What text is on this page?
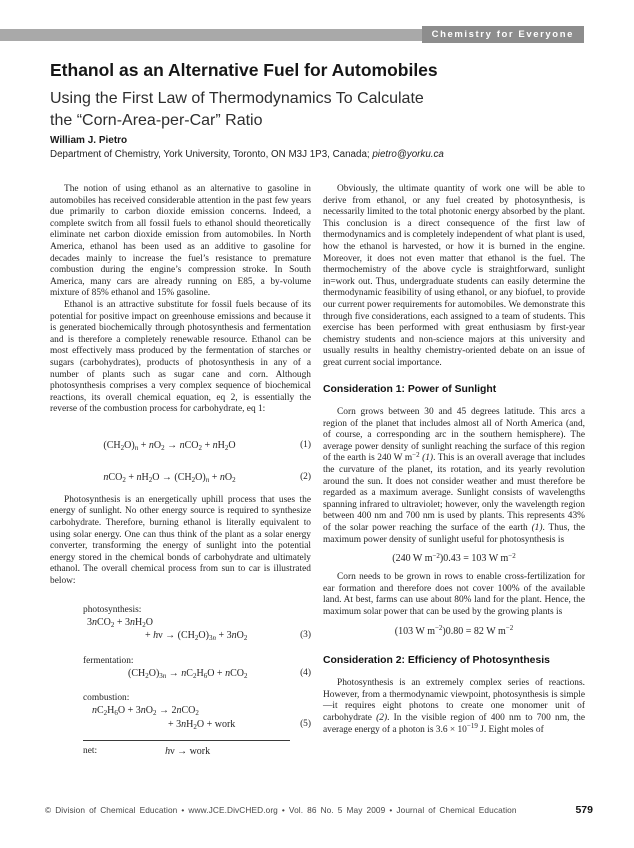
Chemistry for Everyone
Ethanol as an Alternative Fuel for Automobiles
Using the First Law of Thermodynamics To Calculate
the “Corn-Area-per-Car” Ratio
William J. Pietro
Department of Chemistry, York University, Toronto, ON M3J 1P3, Canada; pietro@yorku.ca

The notion of using ethanol as an alternative to gasoline in automobiles has received considerable attention in the past few years due primarily to carbon dioxide emission concerns. Indeed, a complete switch from all fossil fuels to ethanol should theoretically eliminate net carbon dioxide emission from automobiles. In North America, ethanol has been used as an additive to gasoline for decades mainly to increase the fuel’s resistance to premature combustion during the engine’s compression stroke. In South America, many cars are already running on E85, a by-volume mixture of 85% ethanol and 15% gasoline.

Ethanol is an attractive substitute for fossil fuels because of its potential for positive impact on greenhouse emissions and because it is generated biochemically through photosynthesis and fermentation and is therefore a completely renewable resource. Ethanol can be most effectively mass produced by the fermentation of starches or sugars (carbohydrates), products of photosynthesis in any of a number of plants such as sugar cane and corn. Although photosynthesis comprises a very complex sequence of biochemical reactions, its overall chemical equation, eq 2, is essentially the reverse of the combustion process for carbohydrate, eq 1:

$(CH_2O)_n + nO_2 \to nCO_2 + nH_2O$	(1)
$nCO_2 + nH_2O \to (CH_2O)_n + nO_2$	(2)

Photosynthesis is an energetically uphill process that uses the energy of sunlight. No other energy source is required to synthesize carbohydrate. Therefore, burning ethanol is literally equivalent to using solar energy. One can thus think of the plant as a solar energy converter, transforming the energy of sunlight into the potential energy stored in the chemical bonds of carbohydrate and ultimately ethanol. The overall chemical process from sun to car is illustrated below:

photosynthesis:
$3nCO_2 + 3nH_2O$
+ $h\nu \to (CH_2O)_{3n} + 3nO_2$	(3)
fermentation:
$(CH_2O)_{3n} \to nC_2H_6O + nCO_2$	(4)
combustion:
$nC_2H_6O + 3nO_2 \to 2nCO_2$
+ $3nH_2O$ + work	(5)
net:	hν → work

Obviously, the ultimate quantity of work one will be able to derive from ethanol, or any fuel created by photosynthesis, is necessarily limited to the total photonic energy absorbed by the plant. This conclusion is a direct consequence of the first law of thermodynamics and is completely independent of what plant is used, how the ethanol is harvested, or how it is burned in the engine. Moreover, it does not even matter that ethanol is the fuel. The thermochemistry of the above cycle is straightforward, sunlight in=work out. Thus, undergraduate students can easily determine the thermodynamic feasibility of using ethanol, or any biofuel, to provide our current power requirements for automobiles. We demonstrate this through five considerations, each assigned to a team of students. This exercise has been performed with great enthusiasm by first-year chemistry students and non-science majors at this university and usually results in healthy chemistry-oriented debate on an issue of great current social importance.

Consideration 1: Power of Sunlight

Corn grows between 30 and 45 degrees latitude. This arcs a region of the planet that includes almost all of North America (and, of course, a corresponding arc in the southern hemisphere). The average power density of sunlight reaching the surface of this region of the earth is 240 W $m^{-2}$ (1). This is an overall average that includes the curvature of the planet, its rotation, and its yearly revolution around the sun. It does not consider weather and must therefore be regarded as a maximum average. Sunlight consists of wavelengths spanning infrared to ultraviolet; however, only the wavelength region between 400 nm and 700 nm is used by plants. This represents 43% of the solar power reaching the surface of the earth (1). Thus, the maximum power density of sunlight useful for photosynthesis is

(240 W $m^{-2})0.43 = 103$ W $m^{-2}$

Corn needs to be grown in rows to enable cross-fertilization for ear formation and therefore does not cover 100% of the available land. At best, farms can use about 80% land for the plant. Hence, the maximum solar power that can be used by the growing plants is

(103 W $m^{-2})0.80 = 82$ W $m^{-2}$
Consideration 2: Efficiency of Photosynthesis

Photosynthesis is an extremely complex series of reactions. However, from a thermodynamic viewpoint, photosynthesis is simple—it requires eight photons to create one monomer unit of carbohydrate (2). In the visible region of 400 nm to 700 nm, the average energy of a photon is $3.6 \times 10^{-19}$ J. Eight moles of

© Division of Chemical Education • www.JCE.DivCHED.org • Vol. 86 No. 5 May 2009 • Journal of Chemical Education	579
